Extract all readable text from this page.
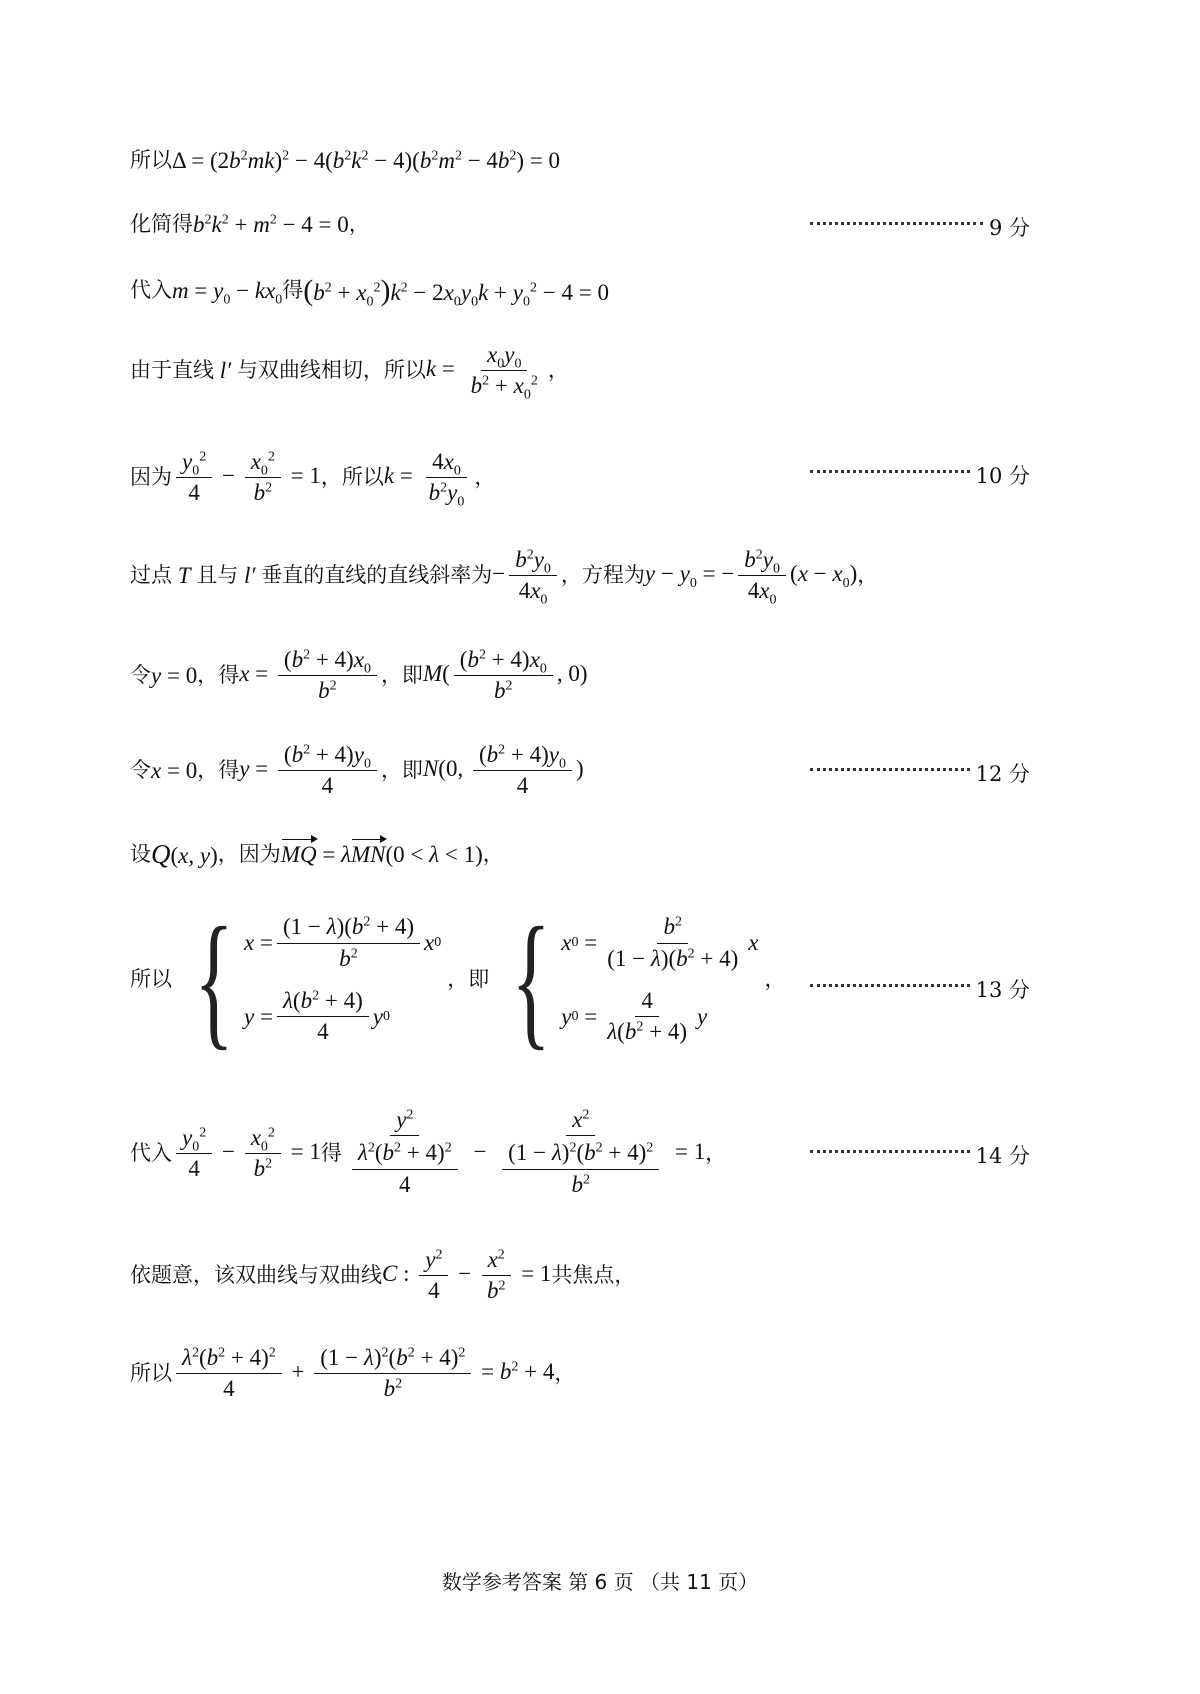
所以 $\Delta = (2b^2mk)^2 - 4(b^2k^2 - 4)(b^2m^2 - 4b^2) = 0$
化简得 $b^2k^2 + m^2 - 4 = 0$ ，	9 分
代入 $m = y_0 - kx_0$ 得 $(b^2 + x_0^2)k^2 - 2x_0y_0k + y_0^2 - 4 = 0$
由于直线 l′ 与双曲线相切，所以 $k = \frac{x_0y_0}{b^2 + x_0^2}$ ，
因为 $\frac{y_0^2}{4} - \frac{x_0^2}{b^2} = 1$ ，所以 $k = \frac{4x_0}{b^2y_0}$ ，	10 分
过点 T 且与 l′ 垂直的直线的直线斜率为 − $\frac{b^2y_0}{4x_0}$ ，方程为 $y - y_0$ = − $\frac{b^2y_0}{4x_0} (x - x_0)$ ，
令 y = 0 ，得 $x = \frac{(b^2 + 4)x_0}{b^2}$ ，即 $M( \frac{(b^2 + 4)x_0}{b^2}$ , 0)
令 x = 0 ，得 $y = \frac{(b^2 + 4)y_0}{4}$ ，即 N(0, $\frac{(b^2 + 4)y_0}{4}$ )	12 分
设 Q(x, y) ，因为 MQ = λMN(0 < λ < 1) ，
所以 { $x = \frac{(1 - \lambda)(b^2 + 4)}{b^2}$ x 0
$y = \frac{\lambda(b^2 + 4)}{4}$ y 0
，即 { x $0 = \frac{b^2}{(1 - \lambda)(b^2 + 4)}$ x
y $0 = \frac{4}{\lambda(b^2 + 4)}$ y
，	13 分
代入 $\frac{y_0^2}{4} - \frac{x_0^2}{b^2} = 1$ 得 $\frac{y^2}{\frac{\lambda^2(b^2 + 4)^2}{4}} - \frac{x^2}{\frac{(1 - \lambda)^2(b^2 + 4)^2}{b^2}} = 1$ ，	14 分
依题意，该双曲线与双曲线 C : $\frac{y^2}{4} - \frac{x^2}{b^2} = 1$ 共焦点，
所以 $\frac{\lambda^2(b^2 + 4)^2}{4} + \frac{(1 - \lambda)^2(b^2 + 4)^2}{b^2} = b^2 + 4$ ，
数学参考答案 第 6 页 （共 11 页）
